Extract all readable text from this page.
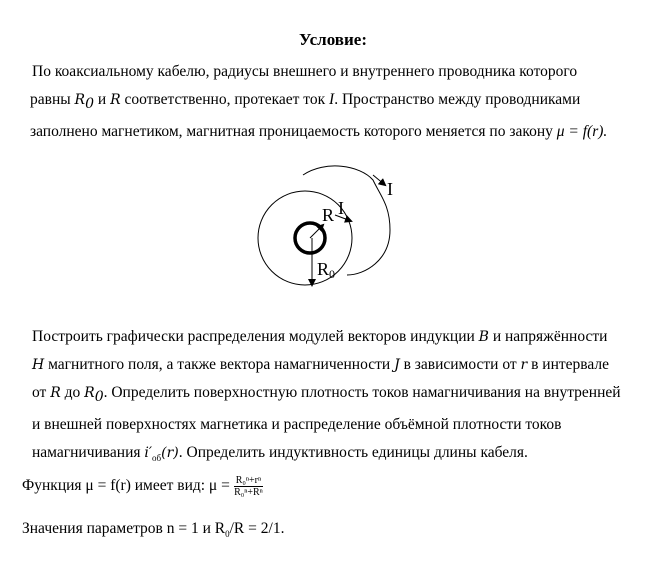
Условие:
По коаксиальному кабелю, радиусы внешнего и внутреннего проводника которого
равны $R_0$ и R соответственно, протекает ток I. Пространство между проводниками
заполнено магнетиком, магнитная проницаемость которого меняется по закону μ = f(r).
I
I
R
R 0
Построить графически распределения модулей векторов индукции B и напряжённости
H магнитного поля, а также вектора намагниченности J в зависимости от r в интервале
от R до $R_0$. Определить поверхностную плотность токов намагничивания на внутренней
и внешней поверхностях магнетика и распределение объёмной плотности токов
намагничивания $i'_{об}(r)$. Определить индуктивность единицы длины кабеля.
Функция μ = f(r) имеет вид: $\mu = \frac{\text{R₀ⁿ+rⁿ}}{\text{R₀ⁿ+Rⁿ}}$
Значения параметров n = 1 и $R_0/R = 2/1$.
